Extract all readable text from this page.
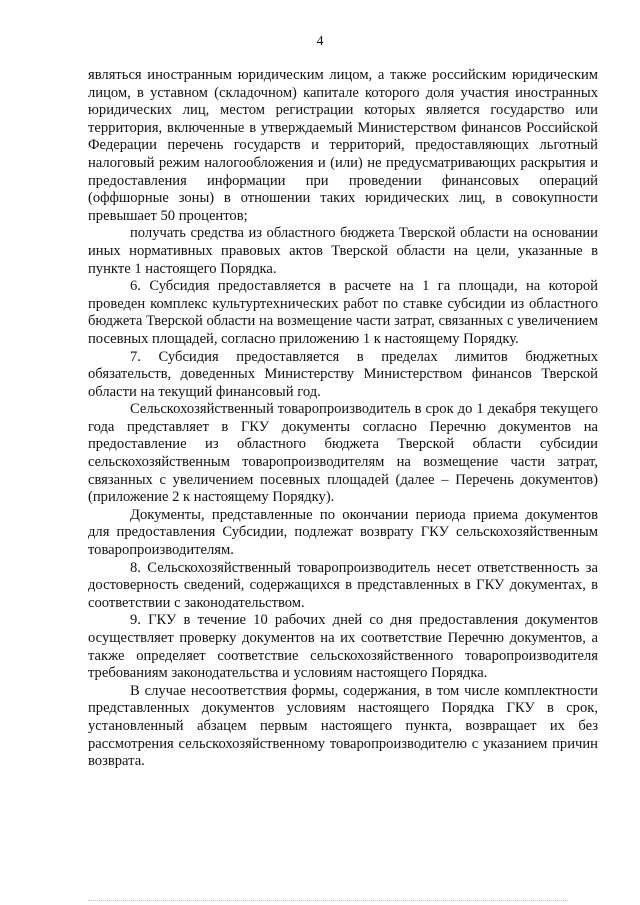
4

являться иностранным юридическим лицом, а также российским юридическим лицом, в уставном (складочном) капитале которого доля участия иностранных юридических лиц, местом регистрации которых является государство или территория, включенные в утверждаемый Министерством финансов Российской Федерации перечень государств и территорий, предоставляющих льготный налоговый режим налогообложения и (или) не предусматривающих раскрытия и предоставления информации при проведении финансовых операций (оффшорные зоны) в отношении таких юридических лиц, в совокупности превышает 50 процентов;

получать средства из областного бюджета Тверской области на основании иных нормативных правовых актов Тверской области на цели, указанные в пункте 1 настоящего Порядка.

6. Субсидия предоставляется в расчете на 1 га площади, на которой проведен комплекс культуртехнических работ по ставке субсидии из областного бюджета Тверской области на возмещение части затрат, связанных с увеличением посевных площадей, согласно приложению 1 к настоящему Порядку.

7. Субсидия предоставляется в пределах лимитов бюджетных обязательств, доведенных Министерству Министерством финансов Тверской области на текущий финансовый год.

Сельскохозяйственный товаропроизводитель в срок до 1 декабря текущего года представляет в ГКУ документы согласно Перечню документов на предоставление из областного бюджета Тверской области субсидии сельскохозяйственным товаропроизводителям на возмещение части затрат, связанных с увеличением посевных площадей (далее – Перечень документов) (приложение 2 к настоящему Порядку).

Документы, представленные по окончании периода приема документов для предоставления Субсидии, подлежат возврату ГКУ сельскохозяйственным товаропроизводителям.

8. Сельскохозяйственный товаропроизводитель несет ответственность за достоверность сведений, содержащихся в представленных в ГКУ документах, в соответствии с законодательством.

9. ГКУ в течение 10 рабочих дней со дня предоставления документов осуществляет проверку документов на их соответствие Перечню документов, а также определяет соответствие сельскохозяйственного товаропроизводителя требованиям законодательства и условиям настоящего Порядка.

В случае несоответствия формы, содержания, в том числе комплектности представленных документов условиям настоящего Порядка ГКУ в срок, установленный абзацем первым настоящего пункта, возвращает их без рассмотрения сельскохозяйственному товаропроизводителю с указанием причин возврата.
